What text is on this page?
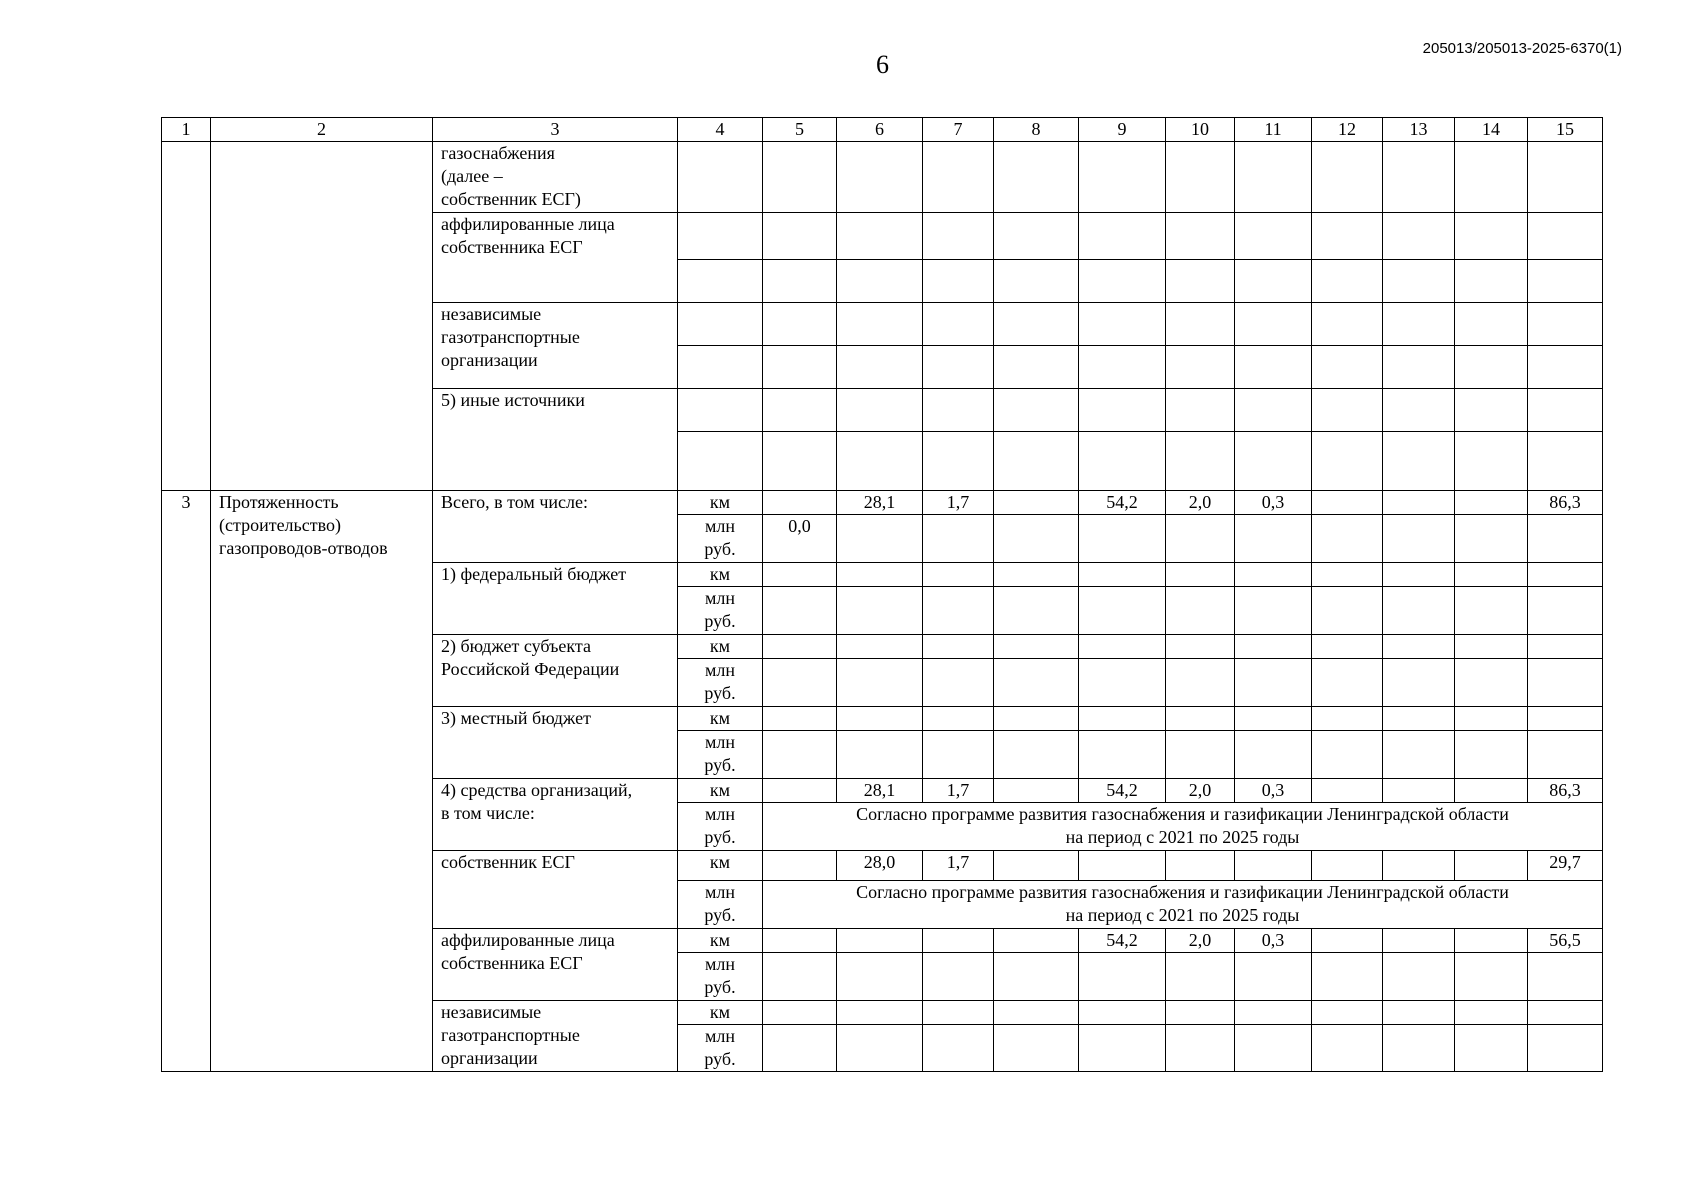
205013/205013-2025-6370(1)
6
1	2	3	4	5	6	7	8	9	10	11	12	13	14	15

		газоснабжения
(далее –
собственник ЕСГ)												

		аффилированные лица
собственника ЕСГ												

		независимые
газотранспортные
организации												

		5) иные источники												

3	Протяженность
(строительство)
газопроводов-отводов	Всего, в том числе:	км		28,1	1,7		54,2	2,0	0,3				86,3

			млн
руб.	0,0										

		1) федеральный бюджет	км											

			млн
руб.											

		2) бюджет субъекта
Российской Федерации	км											

			млн
руб.											

		3) местный бюджет	км											

			млн
руб.											

		4) средства организаций,
в том числе:	км		28,1	1,7		54,2	2,0	0,3				86,3

			млн
руб.	Согласно программе развития газоснабжения и газификации Ленинградской области
на период с 2021 по 2025 годы										

		собственник ЕСГ	км		28,0	1,7								29,7

			млн
руб.	Согласно программе развития газоснабжения и газификации Ленинградской области
на период с 2021 по 2025 годы										

		аффилированные лица
собственника ЕСГ	км					54,2	2,0	0,3				56,5

			млн
руб.											

		независимые
газотранспортные
организации	км											

			млн
руб.											
